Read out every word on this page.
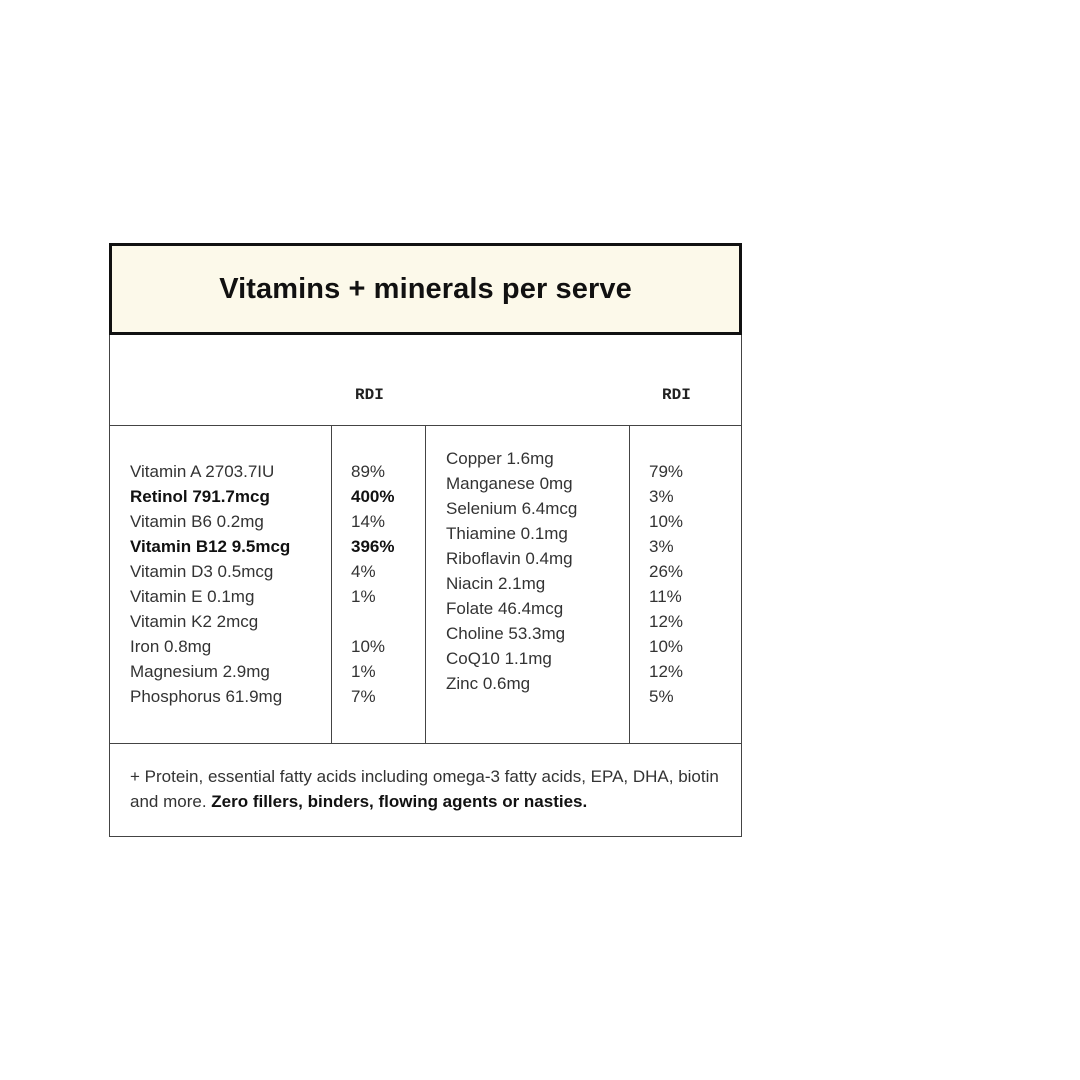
Vitamins + minerals per serve
RDI	RDI
Vitamin A 2703.7IU
Retinol 791.7mcg
Vitamin B6 0.2mg
Vitamin B12 9.5mcg
Vitamin D3 0.5mcg
Vitamin E 0.1mg
Vitamin K2 2mcg
Iron 0.8mg
Magnesium 2.9mg
Phosphorus 61.9mg
89%
400%
14%
396%
4%
1%
10%
1%
7%
Copper 1.6mg
Manganese 0mg
Selenium 6.4mcg
Thiamine 0.1mg
Riboflavin 0.4mg
Niacin 2.1mg
Folate 46.4mcg
Choline 53.3mg
CoQ10 1.1mg
Zinc 0.6mg
79%
3%
10%
3%
26%
11%
12%
10%
12%
5%
+ Protein, essential fatty acids including omega-3 fatty acids, EPA, DHA, biotin and more. Zero fillers, binders, flowing agents or nasties.
